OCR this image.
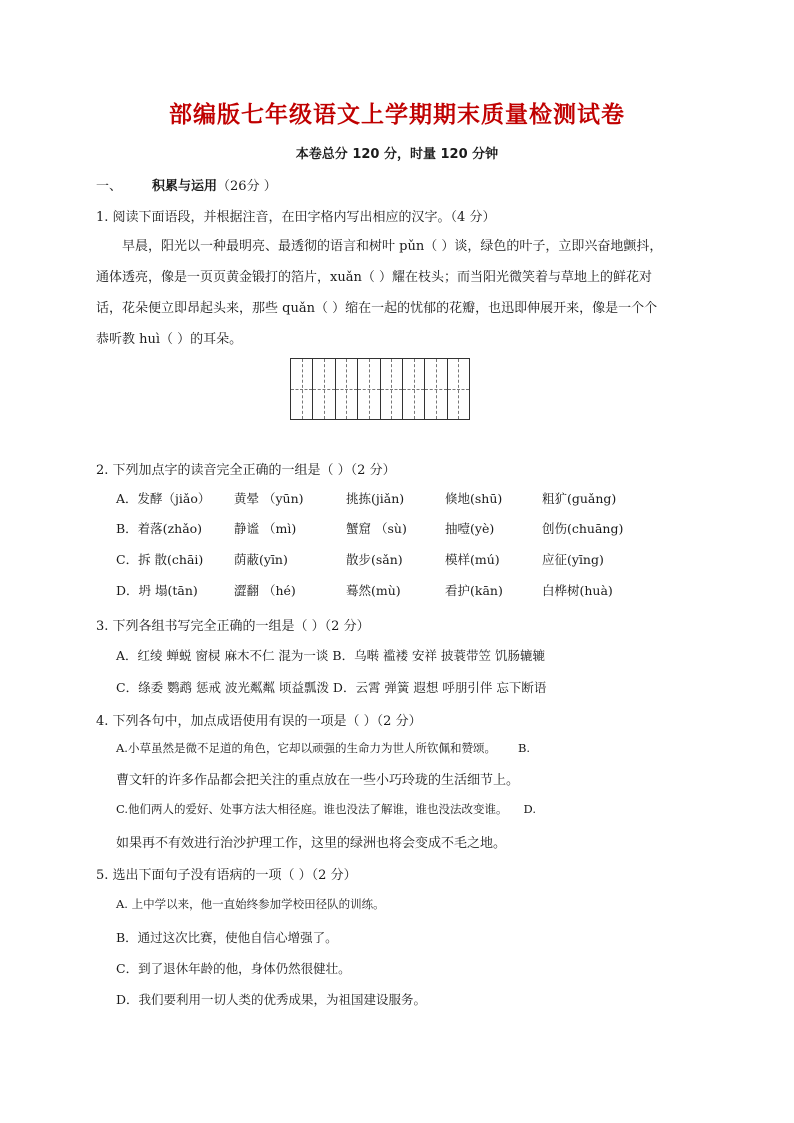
部编版七年级语文上学期期末质量检测试卷
本卷总分 120 分，时量 120 分钟
一、 积累与运用（26分 ）
1. 阅读下面语段，并根据注音，在田字格内写出相应的汉字。（4 分）
早晨，阳光以一种最明亮、最透彻的语言和树叶 pǔn（ ）谈，绿色的叶子，立即兴奋地颤抖，
通体透亮，像是一页页黄金锻打的箔片，xuǎn（ ）耀在枝头；而当阳光微笑着与草地上的鲜花对
话，花朵便立即昂起头来，那些 quǎn（ ）缩在一起的忧郁的花瓣，也迅即伸展开来，像是一个个
恭听教 huì（ ）的耳朵。
2. 下列加点字的读音完全正确的一组是（ ）（2 分）
A．发酵（jiǎo） 黄晕 （yūn)	挑拣(jiǎn)	倏地(shū)	粗犷(guǎng)
B．着落(zhǎo)	静谧 （mì)	蟹窟 （sù)	抽噎(yè)	创伤(chuāng)
C．拆 散(chāi) 荫蔽(yīn)	散步(sǎn)	模样(mú)	应征(yīng)
D．坍 塌(tān)	澀翻 （hé)	蓦然(mù)	看护(kān)	白桦树(huà)
3. 下列各组书写完全正确的一组是（ ）（2 分）
A．红绫 蝉蜕 窗棂 麻木不仁 混为一谈 B．乌啭 褴褛 安祥 披蓑带笠 饥肠辘辘
C．绦委 鹦鹉 惩戒 波光粼粼 顷益瓢泼 D．云霄 弹簧 遐想 呼朋引伴 忘下断语
4. 下列各句中，加点成语使用有误的一项是（ ）（2 分）
A.小草虽然是微不足道的角色，它却以顽强的生命力为世人所钦佩和赞颂。 B.
曹文轩的许多作品都会把关注的重点放在一些小巧玲珑的生活细节上。
C.他们两人的爱好、处事方法大相径庭。谁也没法了解谁，谁也没法改变谁。 D.
如果再不有效进行治沙护理工作，这里的绿洲也将会变成不毛之地。
5. 选出下面句子没有语病的一项（ ）（2 分）
A. 上中学以来，他一直始终参加学校田径队的训练。
B．通过这次比赛，使他自信心增强了。
C．到了退休年龄的他，身体仍然很健壮。
D．我们要利用一切人类的优秀成果，为祖国建设服务。
